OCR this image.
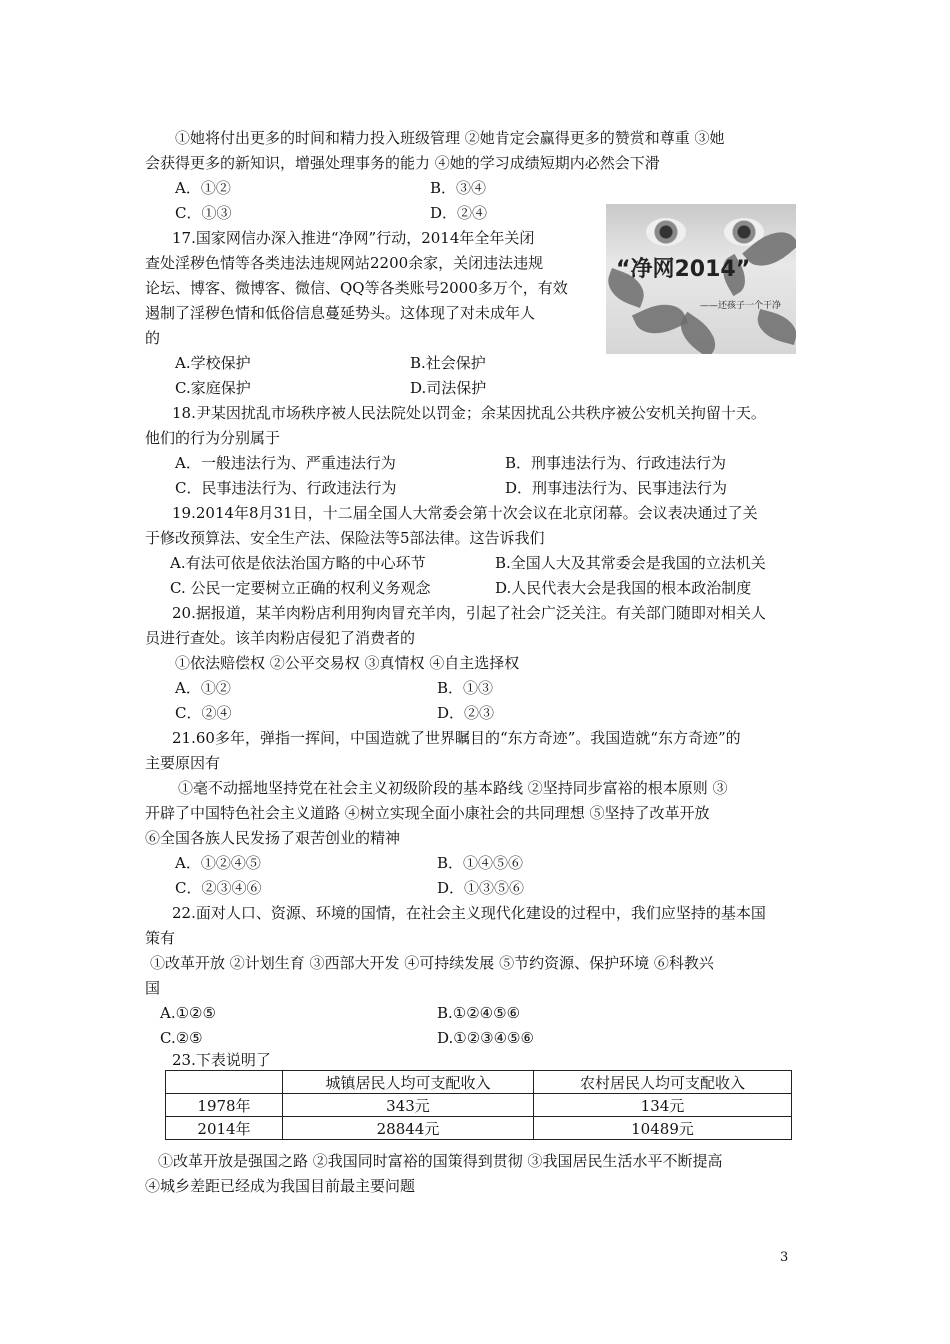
①她将付出更多的时间和精力投入班级管理 ②她肯定会赢得更多的赞赏和尊重 ③她
会获得更多的新知识，增强处理事务的能力 ④她的学习成绩短期内必然会下滑
A．①②	B．③④
C．①③	D．②④
17.国家网信办深入推进“净网”行动，2014年全年关闭
查处淫秽色情等各类违法违规网站2200余家，关闭违法违规
论坛、博客、微博客、微信、QQ等各类账号2000多万个，有效
遏制了淫秽色情和低俗信息蔓延势头。这体现了对未成年人
的
A.学校保护	B.社会保护
C.家庭保护	D.司法保护
18.尹某因扰乱市场秩序被人民法院处以罚金；余某因扰乱公共秩序被公安机关拘留十天。
他们的行为分别属于
A．一般违法行为、严重违法行为	B．刑事违法行为、行政违法行为
C．民事违法行为、行政违法行为	D．刑事违法行为、民事违法行为
19.2014年8月31日，十二届全国人大常委会第十次会议在北京闭幕。会议表决通过了关
于修改预算法、安全生产法、保险法等5部法律。这告诉我们
A.有法可依是依法治国方略的中心环节	B.全国人大及其常委会是我国的立法机关
C. 公民一定要树立正确的权利义务观念	D.人民代表大会是我国的根本政治制度
20.据报道，某羊肉粉店利用狗肉冒充羊肉，引起了社会广泛关注。有关部门随即对相关人
员进行查处。该羊肉粉店侵犯了消费者的
①依法赔偿权 ②公平交易权 ③真情权 ④自主选择权
A．①②	B．①③
C．②④	D．②③
21.60多年，弹指一挥间，中国造就了世界瞩目的“东方奇迹”。我国造就“东方奇迹”的
主要原因有
①毫不动摇地坚持党在社会主义初级阶段的基本路线 ②坚持同步富裕的根本原则 ③
开辟了中国特色社会主义道路 ④树立实现全面小康社会的共同理想 ⑤坚持了改革开放
⑥全国各族人民发扬了艰苦创业的精神
A．①②④⑤	B．①④⑤⑥
C．②③④⑥	D．①③⑤⑥
22.面对人口、资源、环境的国情，在社会主义现代化建设的过程中，我们应坚持的基本国
策有
①改革开放 ②计划生育 ③西部大开发 ④可持续发展 ⑤节约资源、保护环境 ⑥科教兴
国
A.①②⑤	B.①②④⑤⑥
C.②⑤	D.①②③④⑤⑥
23.下表说明了
①改革开放是强国之路 ②我国同时富裕的国策得到贯彻 ③我国居民生活水平不断提高
④城乡差距已经成为我国目前最主要问题
“净网2014”
——还孩子一个干净
	城镇居民人均可支配收入	农村居民人均可支配收入
1978年	343元	134元
2014年	28844元	10489元
3
